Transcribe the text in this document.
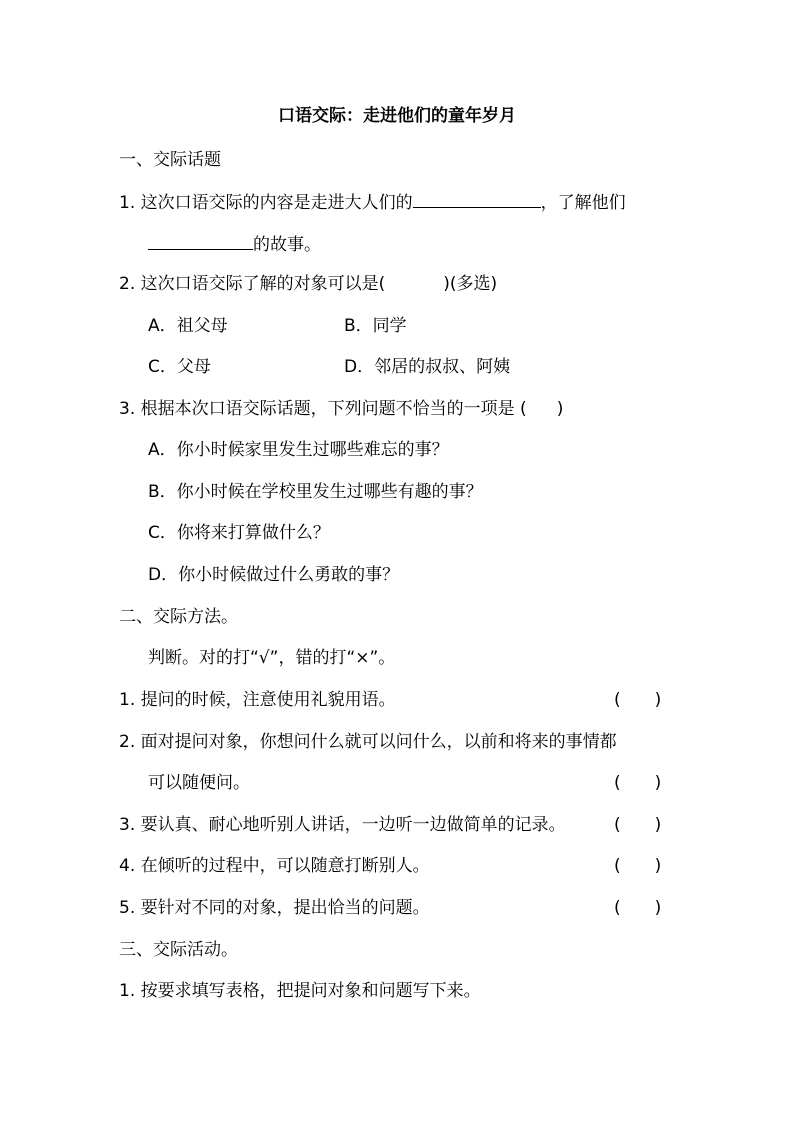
口语交际：走进他们的童年岁月
一、交际话题
1. 这次口语交际的内容是走进大人们的	，了解他们
的故事。
2. 这次口语交际了解的对象可以是(	)(多选)
A．祖父母	B．同学
C．父母	D．邻居的叔叔、阿姨
3. 根据本次口语交际话题，下列问题不恰当的一项是 ( )
A．你小时候家里发生过哪些难忘的事？
B．你小时候在学校里发生过哪些有趣的事？
C．你将来打算做什么？
D．你小时候做过什么勇敢的事？
二、交际方法。
判断。对的打“√”，错的打“×”。
1. 提问的时候，注意使用礼貌用语。	( )
2. 面对提问对象，你想问什么就可以问什么，以前和将来的事情都
可以随便问。	( )
3. 要认真、耐心地听别人讲话，一边听一边做简单的记录。	( )
4. 在倾听的过程中，可以随意打断别人。	( )
5. 要针对不同的对象，提出恰当的问题。	( )
三、交际活动。
1. 按要求填写表格，把提问对象和问题写下来。
